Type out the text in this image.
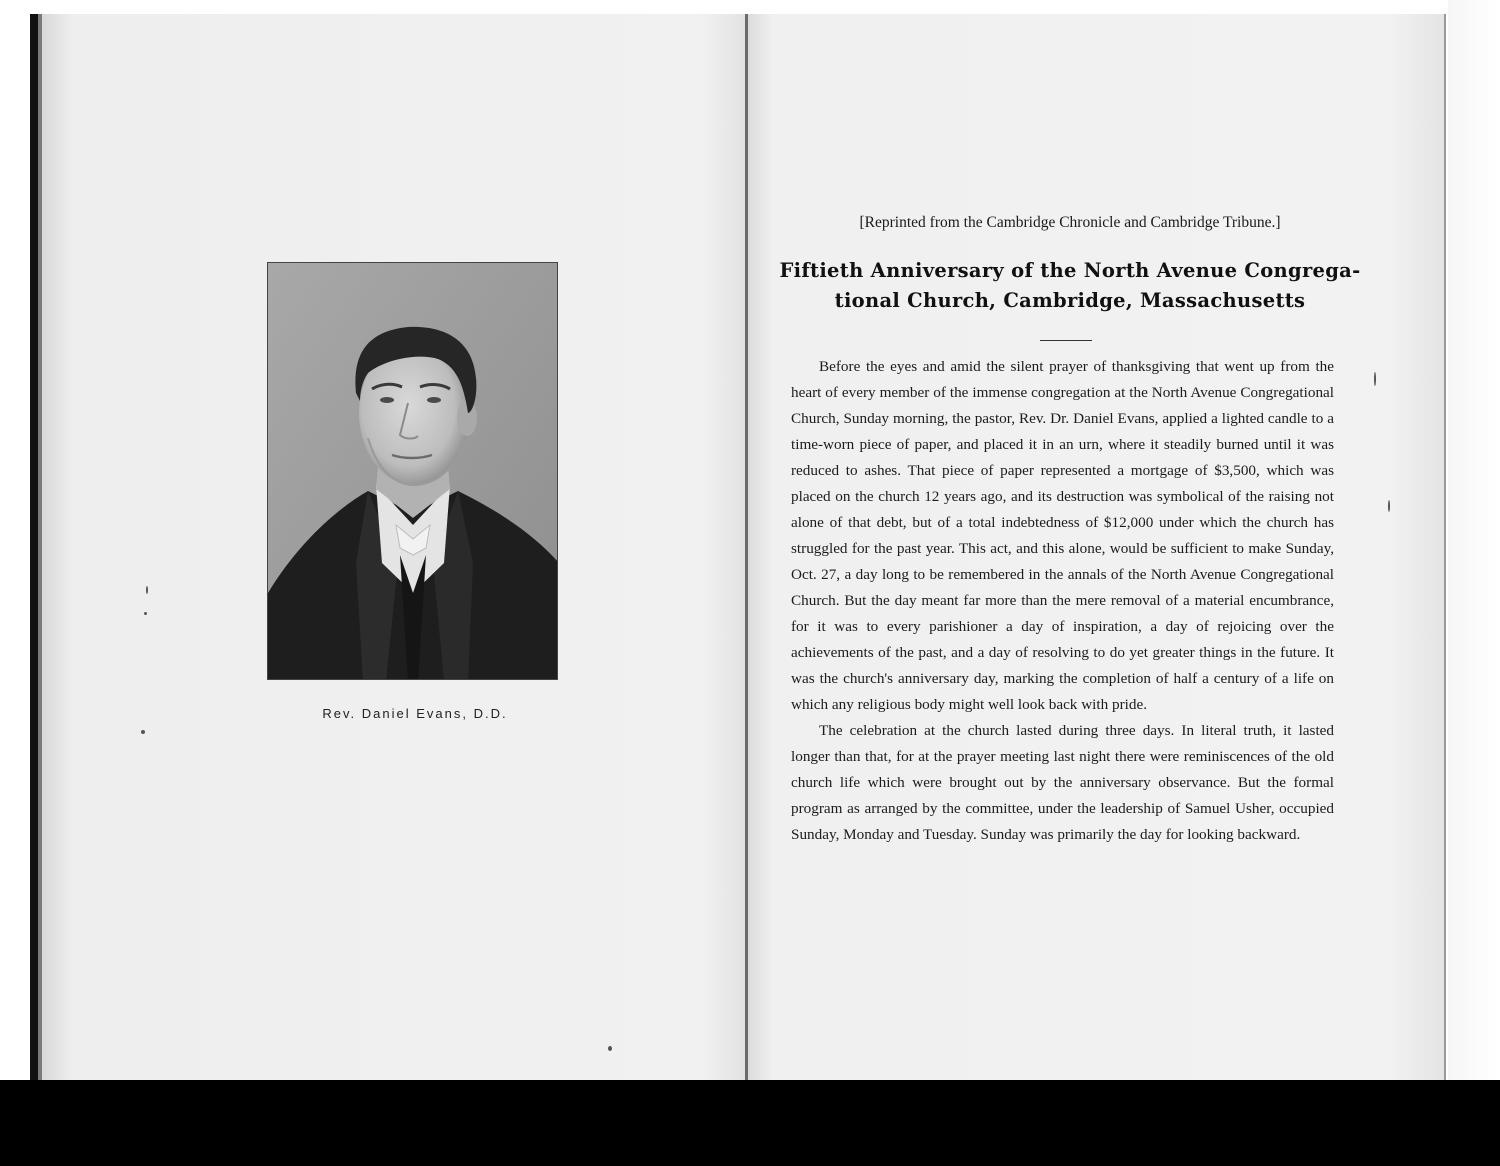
Rev. Daniel Evans, D.D.
[Reprinted from the Cambridge Chronicle and Cambridge Tribune.]
Fiftieth Anniversary of the North Avenue Congrega-
tional Church, Cambridge, Massachusetts

Before the eyes and amid the silent prayer of thanksgiving that went up from the heart of every member of the immense congregation at the North Avenue Congregational Church, Sunday morning, the pastor, Rev. Dr. Daniel Evans, applied a lighted candle to a time-worn piece of paper, and placed it in an urn, where it steadily burned until it was reduced to ashes. That piece of paper represented a mortgage of $3,500, which was placed on the church 12 years ago, and its destruction was symbolical of the raising not alone of that debt, but of a total indebtedness of $12,000 under which the church has struggled for the past year. This act, and this alone, would be sufficient to make Sunday, Oct. 27, a day long to be remembered in the annals of the North Avenue Congregational Church. But the day meant far more than the mere removal of a material encumbrance, for it was to every parishioner a day of inspiration, a day of rejoicing over the achievements of the past, and a day of resolving to do yet greater things in the future. It was the church's anniversary day, marking the completion of half a century of a life on which any religious body might well look back with pride.

The celebration at the church lasted during three days. In literal truth, it lasted longer than that, for at the prayer meeting last night there were reminiscences of the old church life which were brought out by the anniversary observance. But the formal program as arranged by the committee, under the leadership of Samuel Usher, occupied Sunday, Monday and Tuesday. Sunday was primarily the day for looking backward.
